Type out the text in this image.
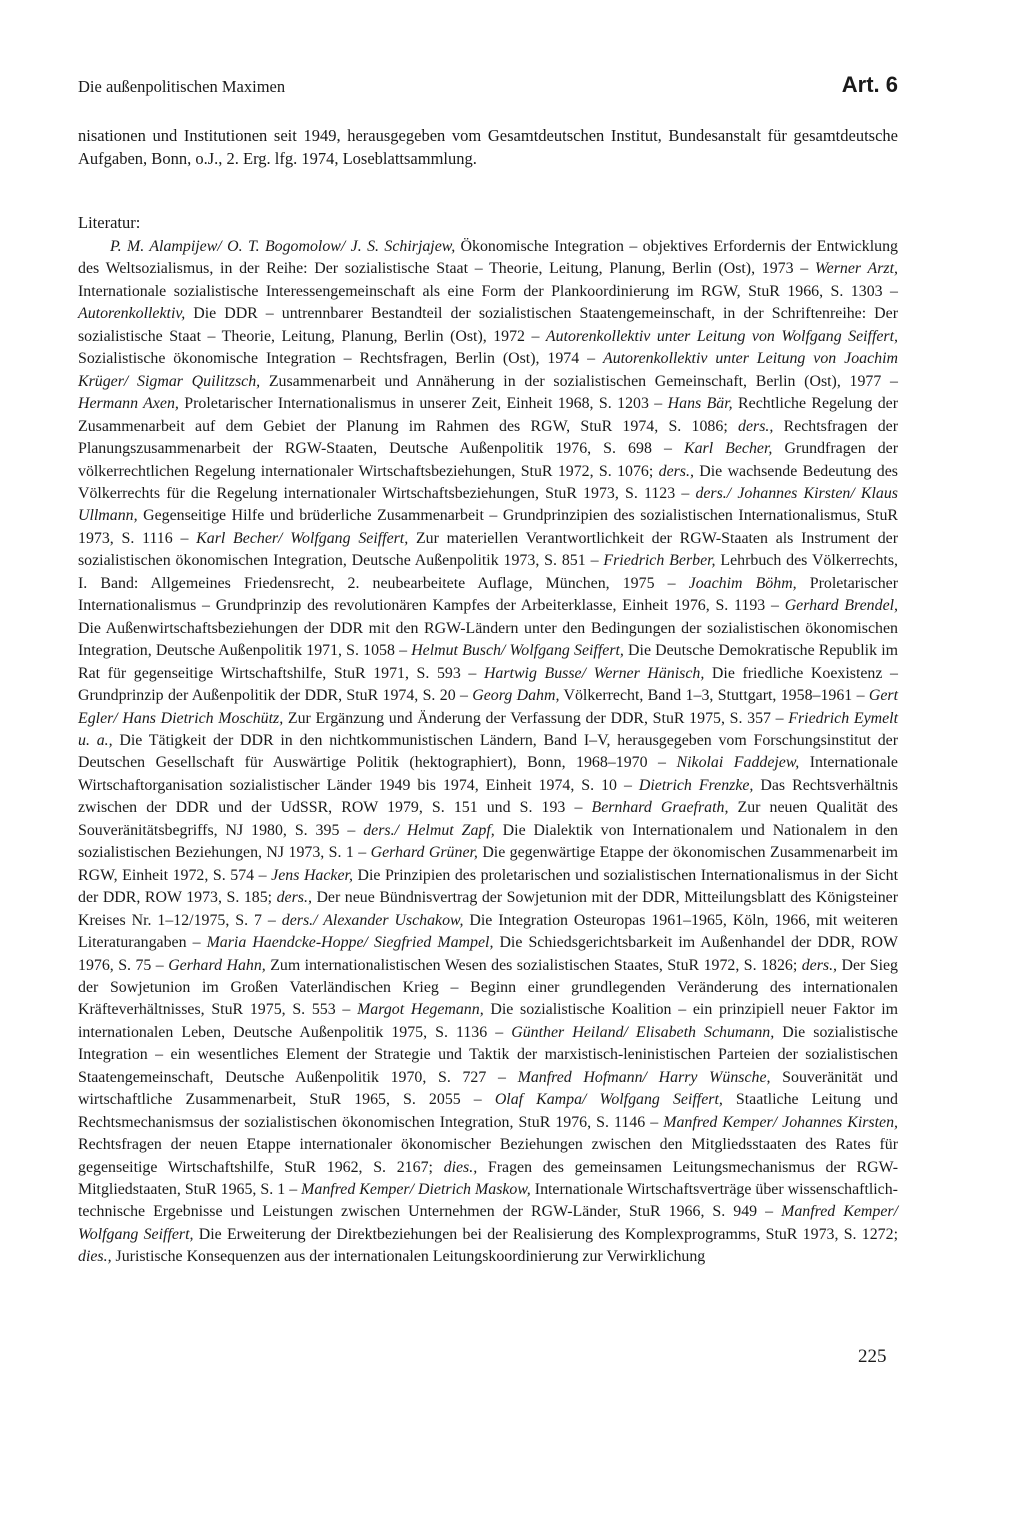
Die außenpolitischen Maximen	Art. 6

nisationen und Institutionen seit 1949, herausgegeben vom Gesamtdeutschen Institut, Bundesanstalt für gesamtdeutsche Aufgaben, Bonn, o.J., 2. Erg. lfg. 1974, Loseblattsammlung.

Literatur:

P. M. Alampijew/ O. T. Bogomolow/ J. S. Schirjajew, Ökonomische Integration – objektives Erfordernis der Entwicklung des Weltsozialismus, in der Reihe: Der sozialistische Staat – Theorie, Leitung, Planung, Berlin (Ost), 1973 – Werner Arzt, Internationale sozialistische Interessengemeinschaft als eine Form der Plankoordinierung im RGW, StuR 1966, S. 1303 – Autorenkollektiv, Die DDR – untrennbarer Bestandteil der sozialistischen Staatengemeinschaft, in der Schriftenreihe: Der sozialistische Staat – Theorie, Leitung, Planung, Berlin (Ost), 1972 – Autorenkollektiv unter Leitung von Wolfgang Seiffert, Sozialistische ökonomische Integration – Rechtsfragen, Berlin (Ost), 1974 – Autorenkollektiv unter Leitung von Joachim Krüger/ Sigmar Quilitzsch, Zusammenarbeit und Annäherung in der sozialistischen Gemeinschaft, Berlin (Ost), 1977 – Hermann Axen, Proletarischer Internationalismus in unserer Zeit, Einheit 1968, S. 1203 – Hans Bär, Rechtliche Regelung der Zusammenarbeit auf dem Gebiet der Planung im Rahmen des RGW, StuR 1974, S. 1086; ders., Rechtsfragen der Planungszusammenarbeit der RGW-Staaten, Deutsche Außenpolitik 1976, S. 698 – Karl Becher, Grundfragen der völkerrechtlichen Regelung internationaler Wirtschaftsbeziehungen, StuR 1972, S. 1076; ders., Die wachsende Bedeutung des Völkerrechts für die Regelung internationaler Wirtschaftsbeziehungen, StuR 1973, S. 1123 – ders./ Johannes Kirsten/ Klaus Ullmann, Gegenseitige Hilfe und brüderliche Zusammenarbeit – Grundprinzipien des sozialistischen Internationalismus, StuR 1973, S. 1116 – Karl Becher/ Wolfgang Seiffert, Zur materiellen Verantwortlichkeit der RGW-Staaten als Instrument der sozialistischen ökonomischen Integration, Deutsche Außenpolitik 1973, S. 851 – Friedrich Berber, Lehrbuch des Völkerrechts, I. Band: Allgemeines Friedensrecht, 2. neubearbeitete Auflage, München, 1975 – Joachim Böhm, Proletarischer Internationalismus – Grundprinzip des revolutionären Kampfes der Arbeiterklasse, Einheit 1976, S. 1193 – Gerhard Brendel, Die Außenwirtschaftsbeziehungen der DDR mit den RGW-Ländern unter den Bedingungen der sozialistischen ökonomischen Integration, Deutsche Außenpolitik 1971, S. 1058 – Helmut Busch/ Wolfgang Seiffert, Die Deutsche Demokratische Republik im Rat für gegenseitige Wirtschaftshilfe, StuR 1971, S. 593 – Hartwig Busse/ Werner Hänisch, Die friedliche Koexistenz – Grundprinzip der Außenpolitik der DDR, StuR 1974, S. 20 – Georg Dahm, Völkerrecht, Band 1–3, Stuttgart, 1958–1961 – Gert Egler/ Hans Dietrich Moschütz, Zur Ergänzung und Änderung der Verfassung der DDR, StuR 1975, S. 357 – Friedrich Eymelt u. a., Die Tätigkeit der DDR in den nichtkommunistischen Ländern, Band I–V, herausgegeben vom Forschungsinstitut der Deutschen Gesellschaft für Auswärtige Politik (hektographiert), Bonn, 1968–1970 – Nikolai Faddejew, Internationale Wirtschaftorganisation sozialistischer Länder 1949 bis 1974, Einheit 1974, S. 10 – Dietrich Frenzke, Das Rechtsverhältnis zwischen der DDR und der UdSSR, ROW 1979, S. 151 und S. 193 – Bernhard Graefrath, Zur neuen Qualität des Souveränitätsbegriffs, NJ 1980, S. 395 – ders./ Helmut Zapf, Die Dialektik von Internationalem und Nationalem in den sozialistischen Beziehungen, NJ 1973, S. 1 – Gerhard Grüner, Die gegenwärtige Etappe der ökonomischen Zusammenarbeit im RGW, Einheit 1972, S. 574 – Jens Hacker, Die Prinzipien des proletarischen und sozialistischen Internationalismus in der Sicht der DDR, ROW 1973, S. 185; ders., Der neue Bündnisvertrag der Sowjetunion mit der DDR, Mitteilungsblatt des Königsteiner Kreises Nr. 1–12/1975, S. 7 – ders./ Alexander Uschakow, Die Integration Osteuropas 1961–1965, Köln, 1966, mit weiteren Literaturangaben – Maria Haendcke-Hoppe/ Siegfried Mampel, Die Schiedsgerichtsbarkeit im Außenhandel der DDR, ROW 1976, S. 75 – Gerhard Hahn, Zum internationalistischen Wesen des sozialistischen Staates, StuR 1972, S. 1826; ders., Der Sieg der Sowjetunion im Großen Vaterländischen Krieg – Beginn einer grundlegenden Veränderung des internationalen Kräfteverhältnisses, StuR 1975, S. 553 – Margot Hegemann, Die sozialistische Koalition – ein prinzipiell neuer Faktor im internationalen Leben, Deutsche Außenpolitik 1975, S. 1136 – Günther Heiland/ Elisabeth Schumann, Die sozialistische Integration – ein wesentliches Element der Strategie und Taktik der marxistisch-leninistischen Parteien der sozialistischen Staatengemeinschaft, Deutsche Außenpolitik 1970, S. 727 – Manfred Hofmann/ Harry Wünsche, Souveränität und wirtschaftliche Zusammenarbeit, StuR 1965, S. 2055 – Olaf Kampa/ Wolfgang Seiffert, Staatliche Leitung und Rechtsmechanismsus der sozialistischen ökonomischen Integration, StuR 1976, S. 1146 – Manfred Kemper/ Johannes Kirsten, Rechtsfragen der neuen Etappe internationaler ökonomischer Beziehungen zwischen den Mitgliedsstaaten des Rates für gegenseitige Wirtschaftshilfe, StuR 1962, S. 2167; dies., Fragen des gemeinsamen Leitungsmechanismus der RGW-Mitgliedstaaten, StuR 1965, S. 1 – Manfred Kemper/ Dietrich Maskow, Internationale Wirtschaftsverträge über wissenschaftlich-technische Ergebnisse und Leistungen zwischen Unternehmen der RGW-Länder, StuR 1966, S. 949 – Manfred Kemper/ Wolfgang Seiffert, Die Erweiterung der Direktbeziehungen bei der Realisierung des Komplexprogramms, StuR 1973, S. 1272; dies., Juristische Konsequenzen aus der internationalen Leitungskoordinierung zur Verwirklichung

225
